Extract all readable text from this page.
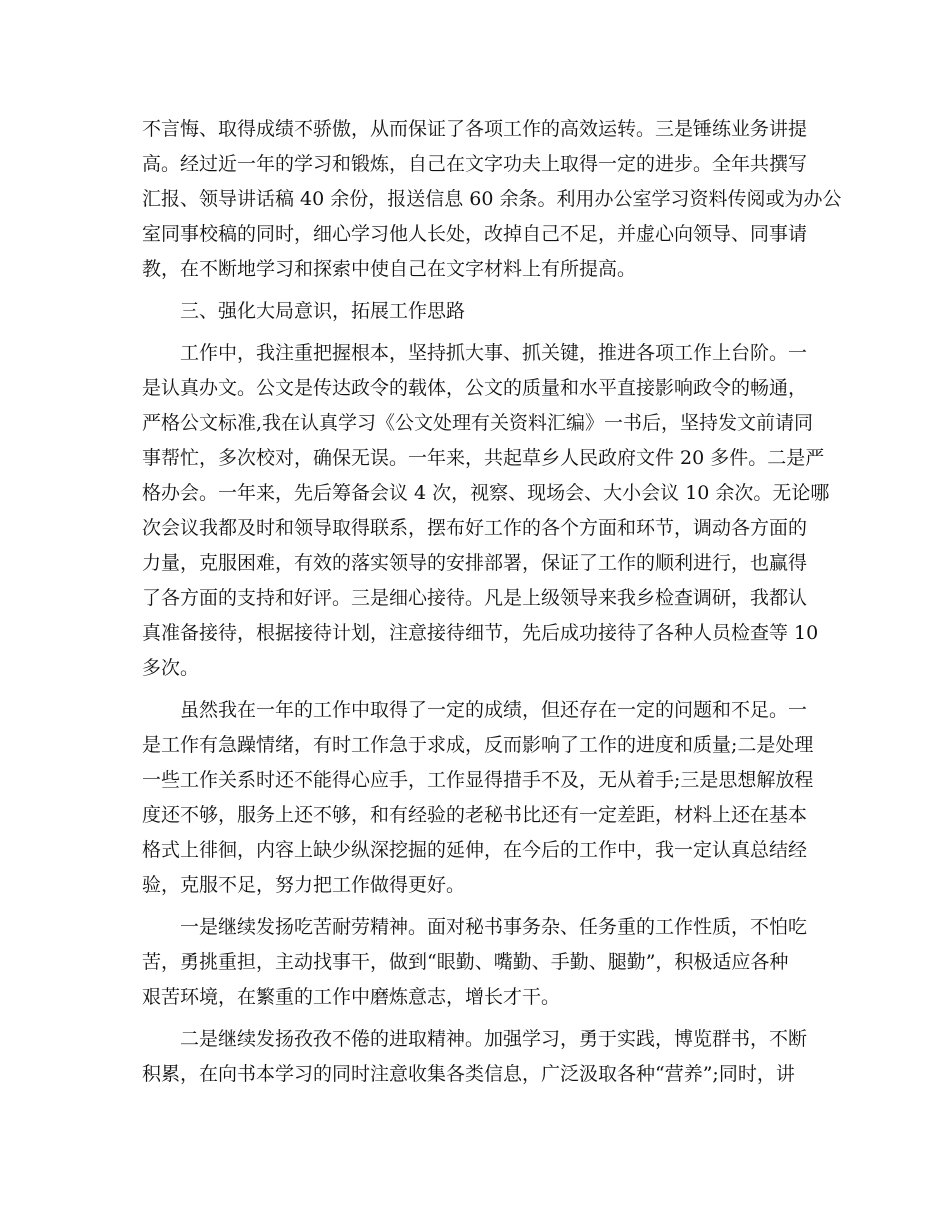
不言悔、取得成绩不骄傲，从而保证了各项工作的高效运转。三是锤练业务讲提
高。经过近一年的学习和锻炼，自己在文字功夫上取得一定的进步。全年共撰写
汇报、领导讲话稿 40 余份，报送信息 60 余条。利用办公室学习资料传阅或为办公
室同事校稿的同时，细心学习他人长处，改掉自己不足，并虚心向领导、同事请
教，在不断地学习和探索中使自己在文字材料上有所提高。
三、强化大局意识，拓展工作思路
工作中，我注重把握根本，坚持抓大事、抓关键，推进各项工作上台阶。一
是认真办文。公文是传达政令的载体，公文的质量和水平直接影响政令的畅通，
严格公文标准,我在认真学习《公文处理有关资料汇编》一书后，坚持发文前请同
事帮忙，多次校对，确保无误。一年来，共起草乡人民政府文件 20 多件。二是严
格办会。一年来，先后筹备会议 4 次，视察、现场会、大小会议 10 余次。无论哪
次会议我都及时和领导取得联系，摆布好工作的各个方面和环节，调动各方面的
力量，克服困难，有效的落实领导的安排部署，保证了工作的顺利进行，也赢得
了各方面的支持和好评。三是细心接待。凡是上级领导来我乡检查调研，我都认
真准备接待，根据接待计划，注意接待细节，先后成功接待了各种人员检查等 10
多次。
虽然我在一年的工作中取得了一定的成绩，但还存在一定的问题和不足。一
是工作有急躁情绪，有时工作急于求成，反而影响了工作的进度和质量;二是处理
一些工作关系时还不能得心应手，工作显得措手不及，无从着手;三是思想解放程
度还不够，服务上还不够，和有经验的老秘书比还有一定差距，材料上还在基本
格式上徘徊，内容上缺少纵深挖掘的延伸，在今后的工作中，我一定认真总结经
验，克服不足，努力把工作做得更好。
一是继续发扬吃苦耐劳精神。面对秘书事务杂、任务重的工作性质，不怕吃
苦，勇挑重担，主动找事干，做到“眼勤、嘴勤、手勤、腿勤”，积极适应各种
艰苦环境，在繁重的工作中磨炼意志，增长才干。
二是继续发扬孜孜不倦的进取精神。加强学习，勇于实践，博览群书，不断
积累，在向书本学习的同时注意收集各类信息，广泛汲取各种“营养”;同时，讲
